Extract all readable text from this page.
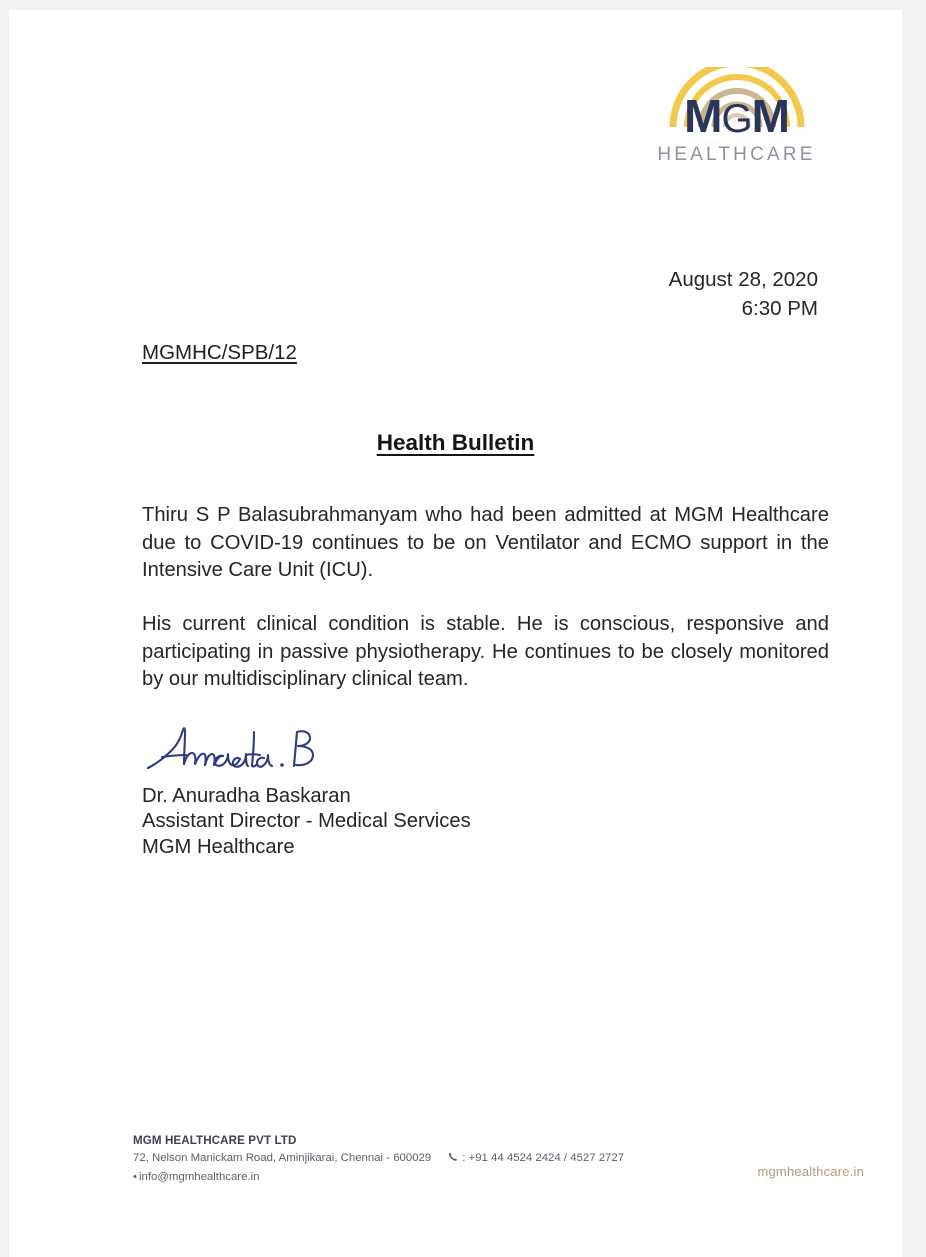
MGM
HEALTHCARE
August 28, 2020
6:30 PM
MGMHC/SPB/12
Health Bulletin

Thiru S P Balasubrahmanyam who had been admitted at MGM Healthcare due to COVID-19 continues to be on Ventilator and ECMO support in the Intensive Care Unit (ICU).

His current clinical condition is stable. He is conscious, responsive and participating in passive physiotherapy. He continues to be closely monitored by our multidisciplinary clinical team.

Dr. Anuradha Baskaran
Assistant Director - Medical Services
MGM Healthcare
MGM HEALTHCARE PVT LTD
72, Nelson Manickam Road, Aminjikarai, Chennai - 600029	: +91 44 4524 2424 / 4527 2727
• info@mgmhealthcare.in	mgmhealthcare.in
